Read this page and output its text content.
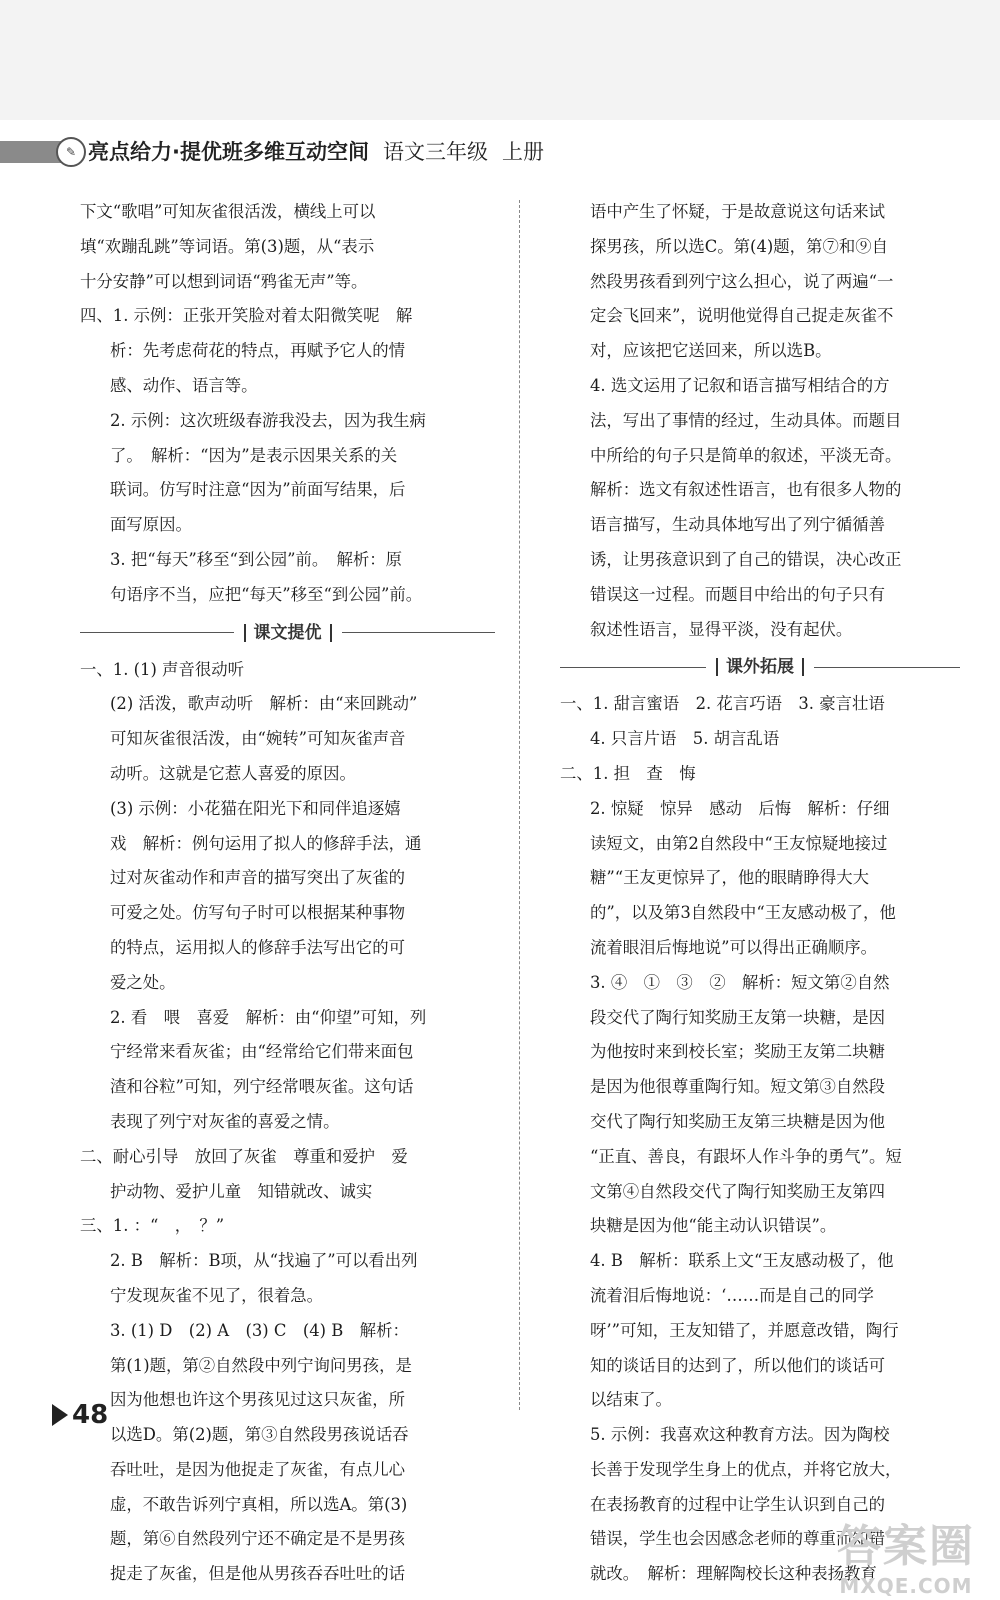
✎ 亮点给力·提优班多维互动空间 语文三年级 上册
下文“歌唱”可知灰雀很活泼，横线上可以
填“欢蹦乱跳”等词语。第(3)题，从“表示
十分安静”可以想到词语“鸦雀无声”等。
四、1. 示例：正张开笑脸对着太阳微笑呢　解
析：先考虑荷花的特点，再赋予它人的情
感、动作、语言等。
2. 示例：这次班级春游我没去，因为我生病
了。　解析：“因为”是表示因果关系的关
联词。仿写时注意“因为”前面写结果，后
面写原因。
3. 把“每天”移至“到公园”前。　解析：原
句语序不当，应把“每天”移至“到公园”前。
课文提优
一、1. (1) 声音很动听
(2) 活泼，歌声动听　解析：由“来回跳动”
可知灰雀很活泼，由“婉转”可知灰雀声音
动听。这就是它惹人喜爱的原因。
(3) 示例：小花猫在阳光下和同伴追逐嬉
戏　解析：例句运用了拟人的修辞手法，通
过对灰雀动作和声音的描写突出了灰雀的
可爱之处。仿写句子时可以根据某种事物
的特点，运用拟人的修辞手法写出它的可
爱之处。
2. 看　喂　喜爱　解析：由“仰望”可知，列
宁经常来看灰雀；由“经常给它们带来面包
渣和谷粒”可知，列宁经常喂灰雀。这句话
表现了列宁对灰雀的喜爱之情。
二、耐心引导　放回了灰雀　尊重和爱护　爱
护动物、爱护儿童　知错就改、诚实
三、1. ：“　，　？”
2. B　解析：B项，从“找遍了”可以看出列
宁发现灰雀不见了，很着急。
3. (1) D　(2) A　(3) C　(4) B　解析：
第(1)题，第②自然段中列宁询问男孩，是
因为他想也许这个男孩见过这只灰雀，所
以选D。第(2)题，第③自然段男孩说话吞
吞吐吐，是因为他捉走了灰雀，有点儿心
虚，不敢告诉列宁真相，所以选A。第(3)
题，第⑥自然段列宁还不确定是不是男孩
捉走了灰雀，但是他从男孩吞吞吐吐的话
语中产生了怀疑，于是故意说这句话来试
探男孩，所以选C。第(4)题，第⑦和⑨自
然段男孩看到列宁这么担心，说了两遍“一
定会飞回来”，说明他觉得自己捉走灰雀不
对，应该把它送回来，所以选B。
4. 选文运用了记叙和语言描写相结合的方
法，写出了事情的经过，生动具体。而题目
中所给的句子只是简单的叙述，平淡无奇。
解析：选文有叙述性语言，也有很多人物的
语言描写，生动具体地写出了列宁循循善
诱，让男孩意识到了自己的错误，决心改正
错误这一过程。而题目中给出的句子只有
叙述性语言，显得平淡，没有起伏。
课外拓展
一、1. 甜言蜜语　2. 花言巧语　3. 豪言壮语
4. 只言片语　5. 胡言乱语
二、1. 担　查　悔
2. 惊疑　惊异　感动　后悔　解析：仔细
读短文，由第2自然段中“王友惊疑地接过
糖”“王友更惊异了，他的眼睛睁得大大
的”，以及第3自然段中“王友感动极了，他
流着眼泪后悔地说”可以得出正确顺序。
3. ④　①　③　②　解析：短文第②自然
段交代了陶行知奖励王友第一块糖，是因
为他按时来到校长室；奖励王友第二块糖
是因为他很尊重陶行知。短文第③自然段
交代了陶行知奖励王友第三块糖是因为他
“正直、善良，有跟坏人作斗争的勇气”。短
文第④自然段交代了陶行知奖励王友第四
块糖是因为他“能主动认识错误”。
4. B　解析：联系上文“王友感动极了，他
流着泪后悔地说：‘……而是自己的同学
呀’”可知，王友知错了，并愿意改错，陶行
知的谈话目的达到了，所以他们的谈话可
以结束了。
5. 示例：我喜欢这种教育方法。因为陶校
长善于发现学生身上的优点，并将它放大，
在表扬教育的过程中让学生认识到自己的
错误，学生也会因感念老师的尊重而知错
就改。　解析：理解陶校长这种表扬教育
48
答案圈
MXQE.COM
